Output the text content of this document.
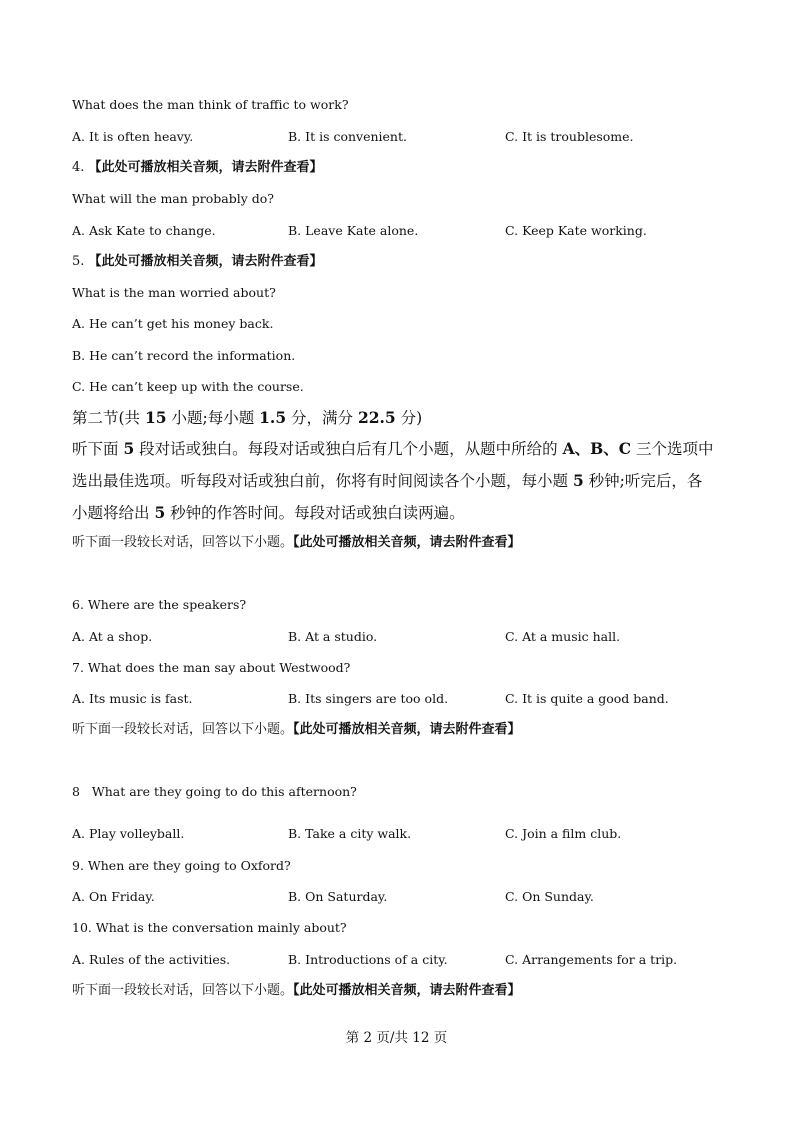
What does the man think of traffic to work?
A. It is often heavy.	B. It is convenient.	C. It is troublesome.
4. 【此处可播放相关音频，请去附件查看】
What will the man probably do?
A. Ask Kate to change.	B. Leave Kate alone.	C. Keep Kate working.
5. 【此处可播放相关音频，请去附件查看】
What is the man worried about?
A. He can’t get his money back.
B. He can’t record the information.
C. He can’t keep up with the course.
第二节(共 15 小题;每小题 1.5 分，满分 22.5 分)
听下面 5 段对话或独白。每段对话或独白后有几个小题，从题中所给的 A、B、C 三个选项中
选出最佳选项。听每段对话或独白前，你将有时间阅读各个小题，每小题 5 秒钟;听完后，各
小题将给出 5 秒钟的作答时间。每段对话或独白读两遍。
听下面一段较长对话，回答以下小题。【此处可播放相关音频，请去附件查看】
6. Where are the speakers?
A. At a shop.	B. At a studio.	C. At a music hall.
7. What does the man say about Westwood?
A. Its music is fast.	B. Its singers are too old.	C. It is quite a good band.
听下面一段较长对话，回答以下小题。【此处可播放相关音频，请去附件查看】
8   What are they going to do this afternoon?
A. Play volleyball.	B. Take a city walk.	C. Join a film club.
9. When are they going to Oxford?
A. On Friday.	B. On Saturday.	C. On Sunday.
10. What is the conversation mainly about?
A. Rules of the activities.	B. Introductions of a city.	C. Arrangements for a trip.
听下面一段较长对话，回答以下小题。【此处可播放相关音频，请去附件查看】
第 2 页/共 12 页
